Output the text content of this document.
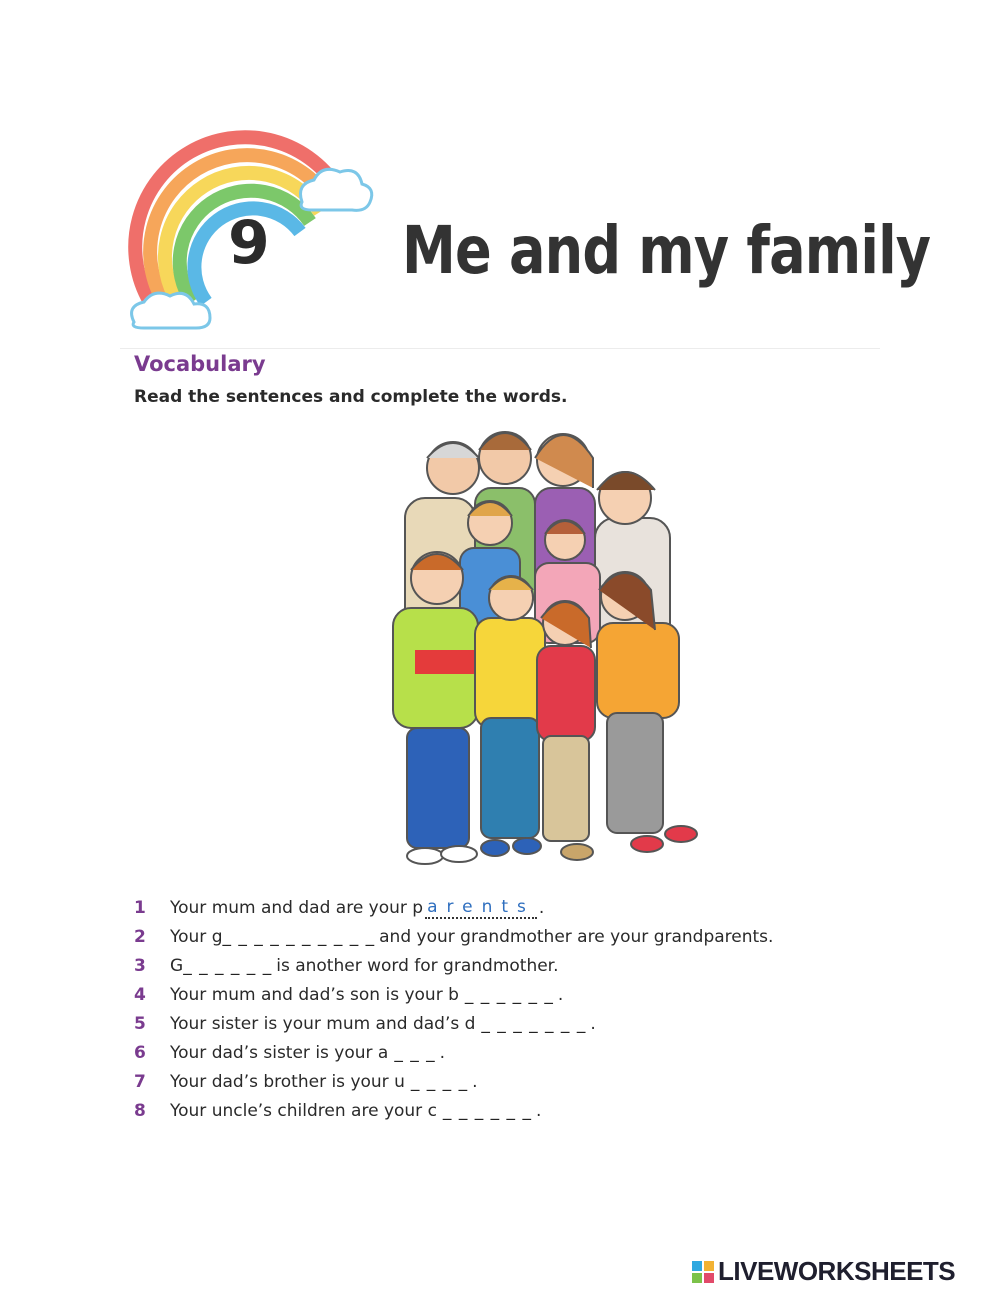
9 Me and my family
Vocabulary
Read the sentences and complete the words.
1	Your mum and dad are your p arents .
2	Your g _ _ _ _ _ _ _ _ _ _ and your grandmother are your grandparents.
3	G _ _ _ _ _ _ is another word for grandmother.
4	Your mum and dad’s son is your b _ _ _ _ _ _ .
5	Your sister is your mum and dad’s d _ _ _ _ _ _ _ .
6	Your dad’s sister is your a _ _ _ .
7	Your dad’s brother is your u _ _ _ _ .
8	Your uncle’s children are your c _ _ _ _ _ _ .
LIVEWORKSHEETS
